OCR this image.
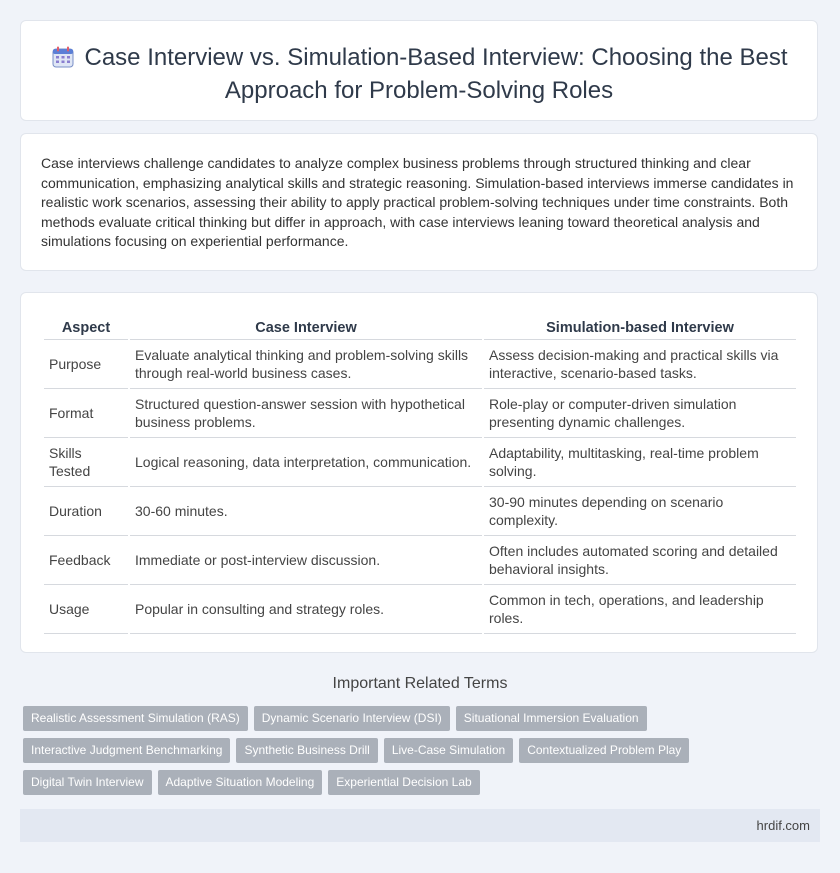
Case Interview vs. Simulation-Based Interview: Choosing the Best Approach for Problem-Solving Roles
Case interviews challenge candidates to analyze complex business problems through structured thinking and clear communication, emphasizing analytical skills and strategic reasoning. Simulation-based interviews immerse candidates in realistic work scenarios, assessing their ability to apply practical problem-solving techniques under time constraints. Both methods evaluate critical thinking but differ in approach, with case interviews leaning toward theoretical analysis and simulations focusing on experiential performance.
Aspect	Case Interview	Simulation-based Interview
Purpose	Evaluate analytical thinking and problem-solving skills through real-world business cases.	Assess decision-making and practical skills via interactive, scenario-based tasks.
Format	Structured question-answer session with hypothetical business problems.	Role-play or computer-driven simulation presenting dynamic challenges.
Skills Tested	Logical reasoning, data interpretation, communication.	Adaptability, multitasking, real-time problem solving.
Duration	30-60 minutes.	30-90 minutes depending on scenario complexity.
Feedback	Immediate or post-interview discussion.	Often includes automated scoring and detailed behavioral insights.
Usage	Popular in consulting and strategy roles.	Common in tech, operations, and leadership roles.
Important Related Terms
Realistic Assessment Simulation (RAS) Dynamic Scenario Interview (DSI) Situational Immersion Evaluation
Interactive Judgment Benchmarking Synthetic Business Drill Live-Case Simulation Contextualized Problem Play
Digital Twin Interview Adaptive Situation Modeling Experiential Decision Lab
hrdif.com
